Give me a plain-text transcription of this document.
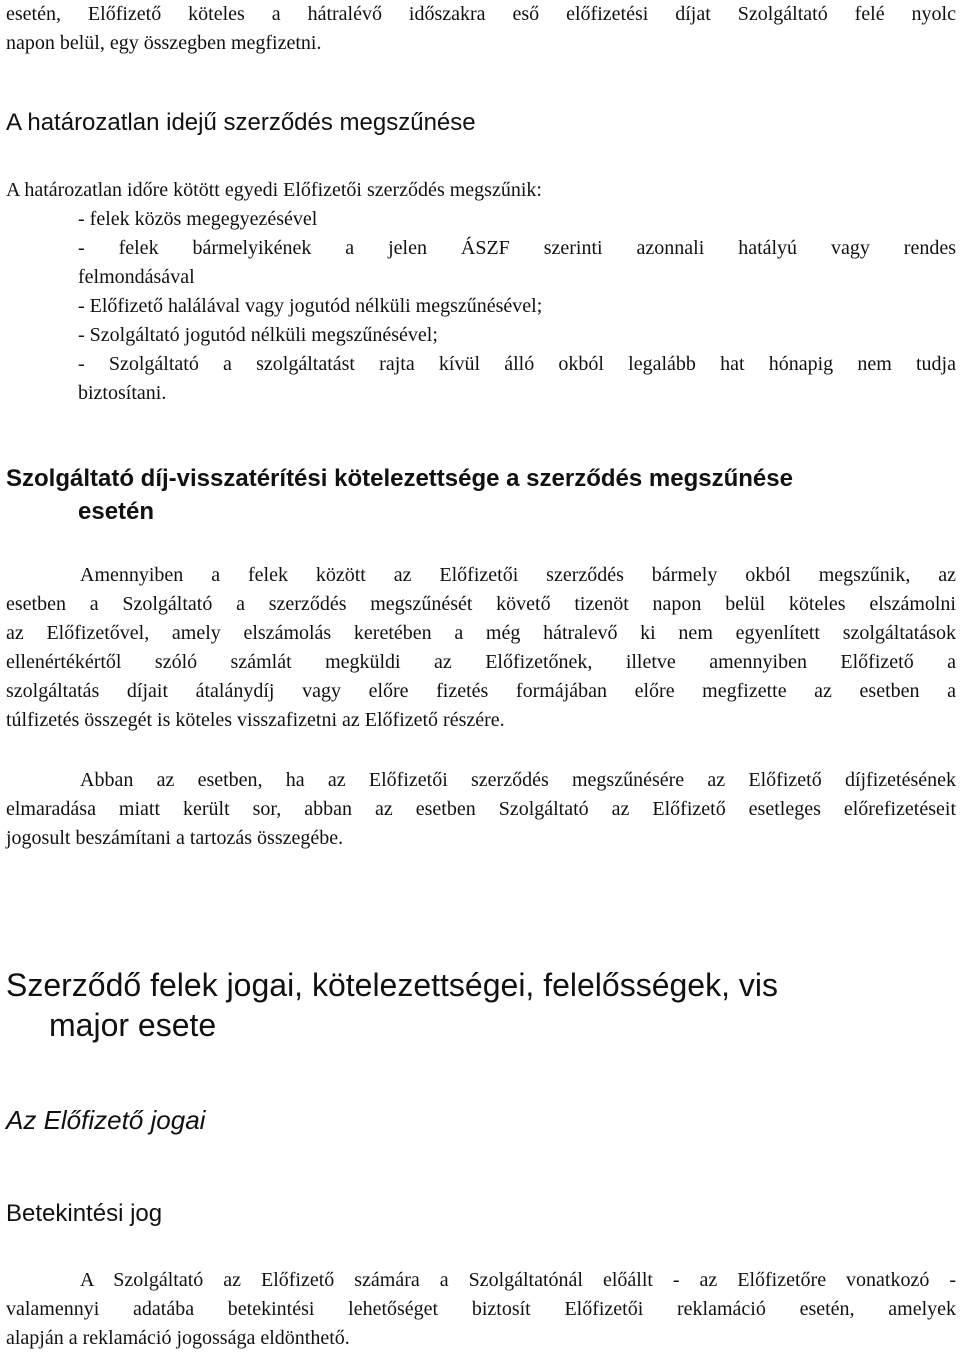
esetén, Előfizető köteles a hátralévő időszakra eső előfizetési díjat Szolgáltató felé nyolc
napon belül, egy összegben megfizetni.
A határozatlan idejű szerződés megszűnése
A határozatlan időre kötött egyedi Előfizetői szerződés megszűnik:
- felek közös megegyezésével
- felek bármelyikének a jelen ÁSZF szerinti azonnali hatályú vagy rendes
felmondásával
- Előfizető halálával vagy jogutód nélküli megszűnésével;
- Szolgáltató jogutód nélküli megszűnésével;
- Szolgáltató a szolgáltatást rajta kívül álló okból legalább hat hónapig nem tudja
biztosítani.
Szolgáltató díj-visszatérítési kötelezettsége a szerződés megszűnése
esetén
Amennyiben a felek között az Előfizetői szerződés bármely okból megszűnik, az
esetben a Szolgáltató a szerződés megszűnését követő tizenöt napon belül köteles elszámolni
az Előfizetővel, amely elszámolás keretében a még hátralevő ki nem egyenlített szolgáltatások
ellenértékértől szóló számlát megküldi az Előfizetőnek, illetve amennyiben Előfizető a
szolgáltatás díjait átalánydíj vagy előre fizetés formájában előre megfizette az esetben a
túlfizetés összegét is köteles visszafizetni az Előfizető részére.
Abban az esetben, ha az Előfizetői szerződés megszűnésére az Előfizető díjfizetésének
elmaradása miatt került sor, abban az esetben Szolgáltató az Előfizető esetleges előrefizetéseit
jogosult beszámítani a tartozás összegébe.
Szerződő felek jogai, kötelezettségei, felelősségek, vis
major esete
Az Előfizető jogai
Betekintési jog
A Szolgáltató az Előfizető számára a Szolgáltatónál előállt - az Előfizetőre vonatkozó -
valamennyi adatába betekintési lehetőséget biztosít Előfizetői reklamáció esetén, amelyek
alapján a reklamáció jogossága eldönthető.
